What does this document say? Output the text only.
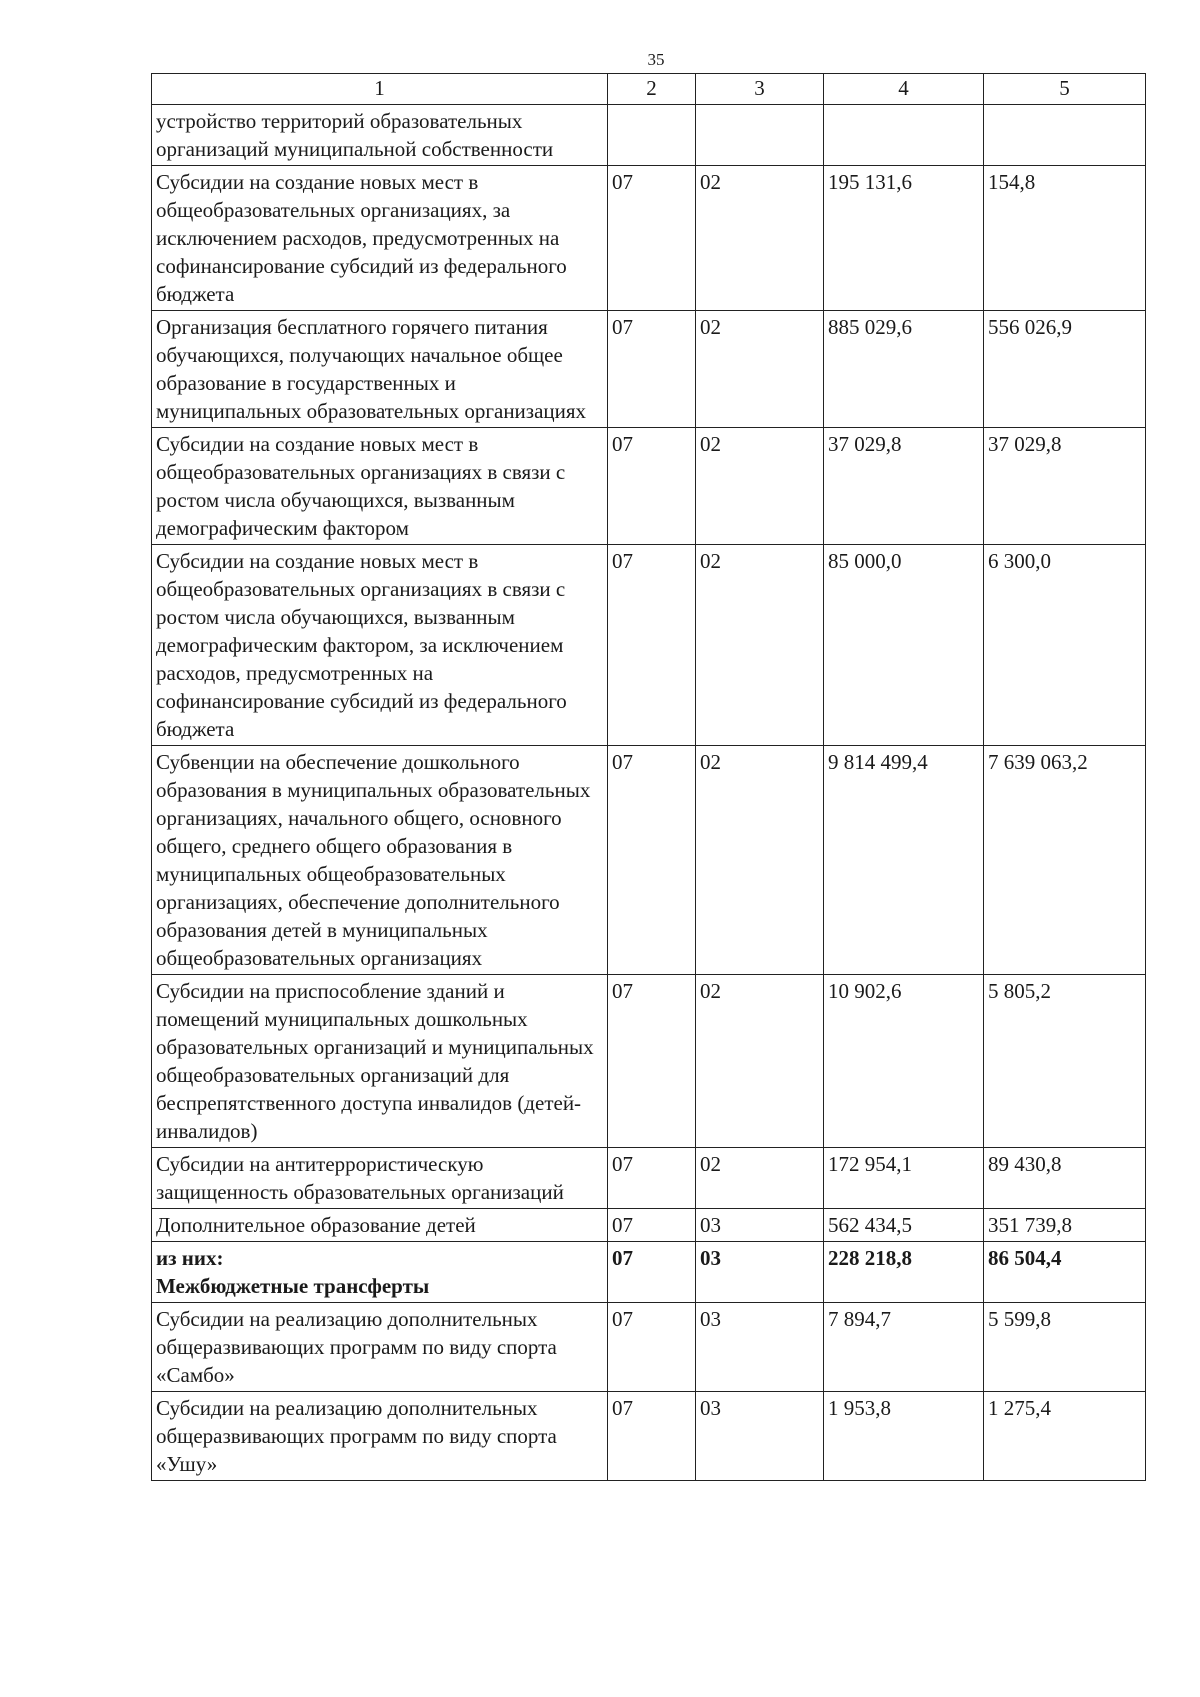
35
1	2	3	4	5
устройство территорий образовательных организаций муниципальной собственности				
Субсидии на создание новых мест в общеобразовательных организациях, за исключением расходов, предусмотренных на софинансирование субсидий из федерального бюджета	07	02	195 131,6	154,8
Организация бесплатного горячего питания обучающихся, получающих начальное общее образование в государственных и муниципальных образовательных организациях	07	02	885 029,6	556 026,9
Субсидии на создание новых мест в общеобразовательных организациях в связи с ростом числа обучающихся, вызванным демографическим фактором	07	02	37 029,8	37 029,8
Субсидии на создание новых мест в общеобразовательных организациях в связи с ростом числа обучающихся, вызванным демографическим фактором, за исключением расходов, предусмотренных на софинансирование субсидий из федерального бюджета	07	02	85 000,0	6 300,0
Субвенции на обеспечение дошкольного образования в муниципальных образовательных организациях, начального общего, основного общего, среднего общего образования в муниципальных общеобразовательных организациях, обеспечение дополнительного образования детей в муниципальных общеобразовательных организациях	07	02	9 814 499,4	7 639 063,2
Субсидии на приспособление зданий и помещений муниципальных дошкольных образовательных организаций и муниципальных общеобразовательных организаций для беспрепятственного доступа инвалидов (детей-инвалидов)	07	02	10 902,6	5 805,2
Субсидии на антитеррористическую защищенность образовательных организаций	07	02	172 954,1	89 430,8
Дополнительное образование детей	07	03	562 434,5	351 739,8
из них:
Межбюджетные трансферты	07	03	228 218,8	86 504,4
Субсидии на реализацию дополнительных общеразвивающих программ по виду спорта «Самбо»	07	03	7 894,7	5 599,8
Субсидии на реализацию дополнительных общеразвивающих программ по виду спорта «Ушу»	07	03	1 953,8	1 275,4
